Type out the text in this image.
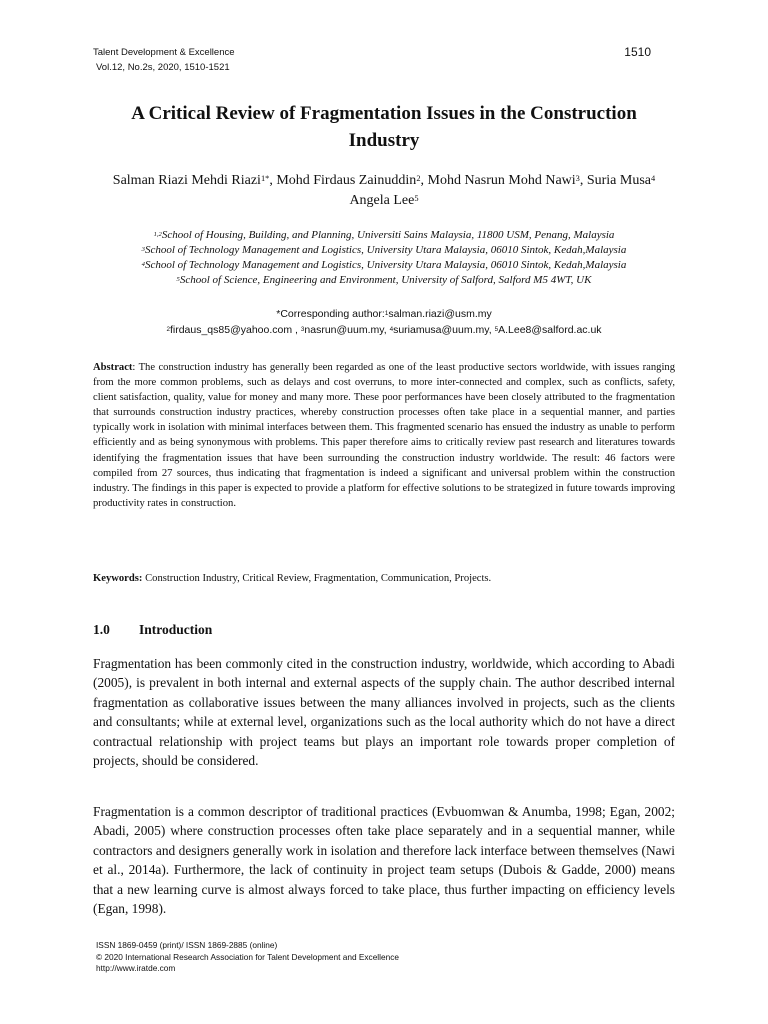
Talent Development & Excellence
Vol.12, No.2s, 2020, 1510-1521
1510
A Critical Review of Fragmentation Issues in the Construction Industry
Salman Riazi Mehdi Riazi$^{1*}$, Mohd Firdaus Zainuddin$^2$, Mohd Nasrun Mohd Nawi$^3$, Suria Musa$^4$ Angela Lee$^5$
$^{1,2}$School of Housing, Building, and Planning, Universiti Sains Malaysia, 11800 USM, Penang, Malaysia
$^3$School of Technology Management and Logistics, University Utara Malaysia, 06010 Sintok, Kedah,Malaysia
$^4$School of Technology Management and Logistics, University Utara Malaysia, 06010 Sintok, Kedah,Malaysia
$^5$School of Science, Engineering and Environment, University of Salford, Salford M5 4WT, UK
*Corresponding author:$^1$salman.riazi@usm.my
$^2$firdaus_qs85@yahoo.com , $^3$nasrun@uum.my, $^4$suriamusa@uum.my, $^5$A.Lee8@salford.ac.uk
Abstract: The construction industry has generally been regarded as one of the least productive sectors worldwide, with issues ranging from the more common problems, such as delays and cost overruns, to more inter-connected and complex, such as conflicts, safety, client satisfaction, quality, value for money and many more. These poor performances have been closely attributed to the fragmentation that surrounds construction industry practices, whereby construction processes often take place in a sequential manner, and parties typically work in isolation with minimal interfaces between them. This fragmented scenario has ensued the industry as unable to perform efficiently and as being synonymous with problems. This paper therefore aims to critically review past research and literatures towards identifying the fragmentation issues that have been surrounding the construction industry worldwide. The result: 46 factors were compiled from 27 sources, thus indicating that fragmentation is indeed a significant and universal problem within the construction industry. The findings in this paper is expected to provide a platform for effective solutions to be strategized in future towards improving productivity rates in construction.
Keywords: Construction Industry, Critical Review, Fragmentation, Communication, Projects.
1.0 Introduction
Fragmentation has been commonly cited in the construction industry, worldwide, which according to Abadi (2005), is prevalent in both internal and external aspects of the supply chain. The author described internal fragmentation as collaborative issues between the many alliances involved in projects, such as the clients and consultants; while at external level, organizations such as the local authority which do not have a direct contractual relationship with project teams but plays an important role towards proper completion of projects, should be considered.
Fragmentation is a common descriptor of traditional practices (Evbuomwan & Anumba, 1998; Egan, 2002; Abadi, 2005) where construction processes often take place separately and in a sequential manner, while contractors and designers generally work in isolation and therefore lack interface between themselves (Nawi et al., 2014a). Furthermore, the lack of continuity in project team setups (Dubois & Gadde, 2000) means that a new learning curve is almost always forced to take place, thus further impacting on efficiency levels (Egan, 1998).
ISSN 1869-0459 (print)/ ISSN 1869-2885 (online)
© 2020 International Research Association for Talent Development and Excellence
http://www.iratde.com
